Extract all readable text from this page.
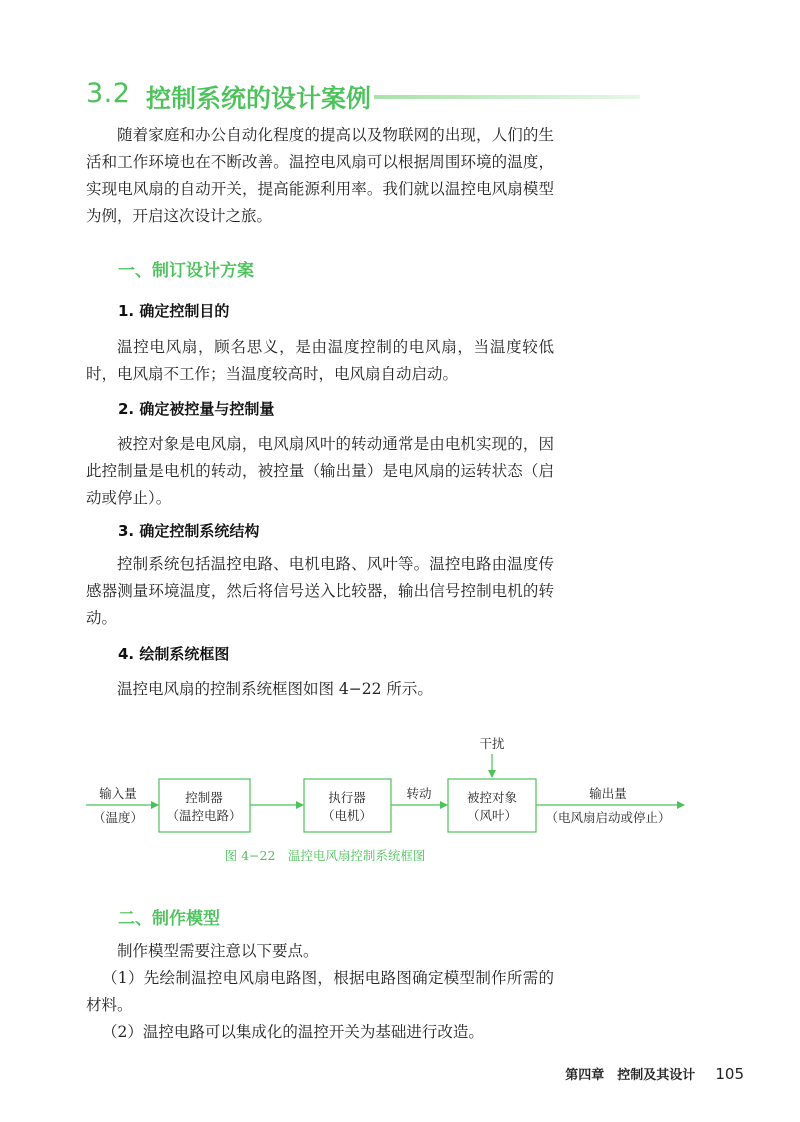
3.2 控制系统的设计案例

随着家庭和办公自动化程度的提高以及物联网的出现，人们的生活和工作环境也在不断改善。温控电风扇可以根据周围环境的温度，实现电风扇的自动开关，提高能源利用率。我们就以温控电风扇模型为例，开启这次设计之旅。

一、制订设计方案
1. 确定控制目的

温控电风扇，顾名思义，是由温度控制的电风扇，当温度较低时，电风扇不工作；当温度较高时，电风扇自动启动。

2. 确定被控量与控制量

被控对象是电风扇，电风扇风叶的转动通常是由电机实现的，因此控制量是电机的转动，被控量（输出量）是电风扇的运转状态（启动或停止）。

3. 确定控制系统结构

控制系统包括温控电路、电机电路、风叶等。温控电路由温度传感器测量环境温度，然后将信号送入比较器，输出信号控制电机的转动。

4. 绘制系统框图

温控电风扇的控制系统框图如图 4−22 所示。

输入量
（温度）
控制器
（温控电路）
执行器
（电机）
转动	被控对象
（风叶）
干扰
输出量
（电风扇启动或停止）
图 4−22　温控电风扇控制系统框图
二、制作模型

制作模型需要注意以下要点。

（1）先绘制温控电风扇电路图，根据电路图确定模型制作所需的材料。

（2）温控电路可以集成化的温控开关为基础进行改造。

第四章　控制及其设计 105
